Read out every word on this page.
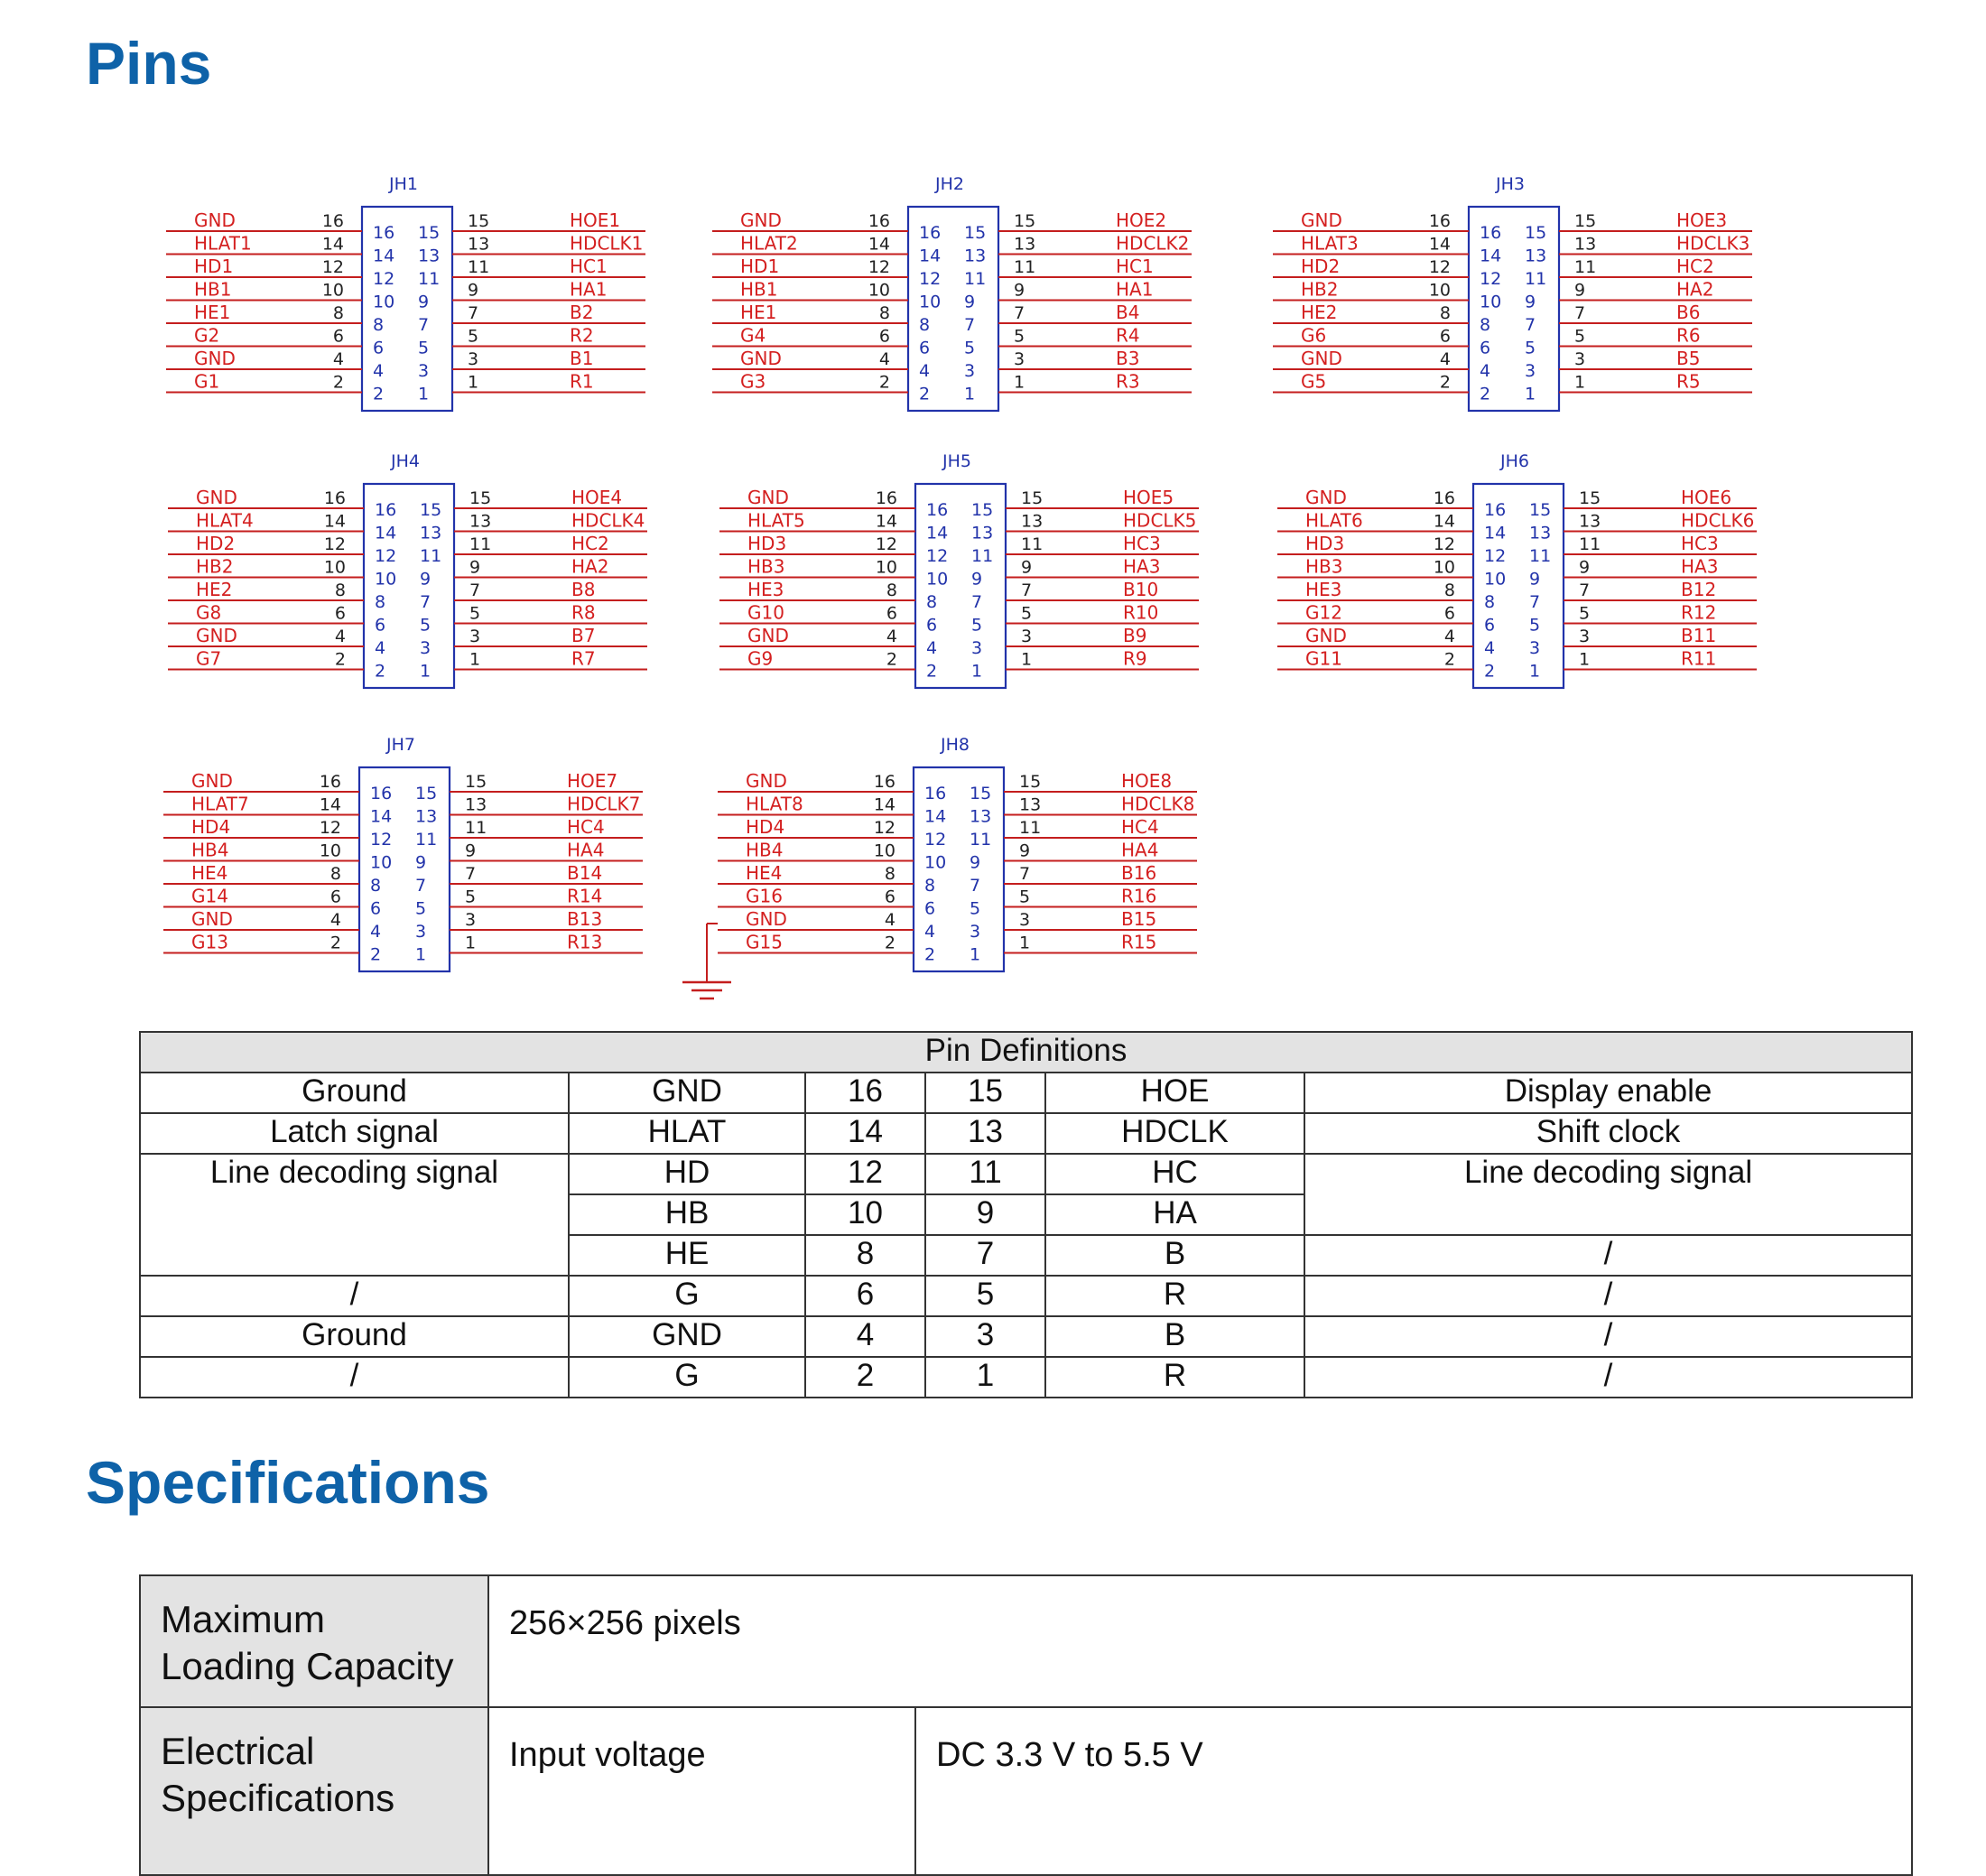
Pins
JH1
16 15
14 13
12 11
10 9
8 7
6 5
4 3
2 1
GND	16	15	HOE1
HLAT1	14	13	HDCLK1
HD1	12	11	HC1
HB1	10	9	HA1
HE1	8	7	B2
G2	6	5	R2
GND	4	3	B1
G1	2	1	R1
JH2
16 15
14 13
12 11
10 9
8 7
6 5
4 3
2 1
GND	16	15	HOE2
HLAT2	14	13	HDCLK2
HD1	12	11	HC1
HB1	10	9	HA1
HE1	8	7	B4
G4	6	5	R4
GND	4	3	B3
G3	2	1	R3
JH3
16 15
14 13
12 11
10 9
8 7
6 5
4 3
2 1
GND	16	15	HOE3
HLAT3	14	13	HDCLK3
HD2	12	11	HC2
HB2	10	9	HA2
HE2	8	7	B6
G6	6	5	R6
GND	4	3	B5
G5	2	1	R5
JH4
16 15
14 13
12 11
10 9
8 7
6 5
4 3
2 1
GND	16	15	HOE4
HLAT4	14	13	HDCLK4
HD2	12	11	HC2
HB2	10	9	HA2
HE2	8	7	B8
G8	6	5	R8
GND	4	3	B7
G7	2	1	R7
JH5
16 15
14 13
12 11
10 9
8 7
6 5
4 3
2 1
GND	16	15	HOE5
HLAT5	14	13	HDCLK5
HD3	12	11	HC3
HB3	10	9	HA3
HE3	8	7	B10
G10	6	5	R10
GND	4	3	B9
G9	2	1	R9
JH6
16 15
14 13
12 11
10 9
8 7
6 5
4 3
2 1
GND	16	15	HOE6
HLAT6	14	13	HDCLK6
HD3	12	11	HC3
HB3	10	9	HA3
HE3	8	7	B12
G12	6	5	R12
GND	4	3	B11
G11	2	1	R11
JH7
16 15
14 13
12 11
10 9
8 7
6 5
4 3
2 1
GND	16	15	HOE7
HLAT7	14	13	HDCLK7
HD4	12	11	HC4
HB4	10	9	HA4
HE4	8	7	B14
G14	6	5	R14
GND	4	3	B13
G13	2	1	R13
JH8
16 15
14 13
12 11
10 9
8 7
6 5
4 3
2 1
GND	16	15	HOE8
HLAT8	14	13	HDCLK8
HD4	12	11	HC4
HB4	10	9	HA4
HE4	8	7	B16
G16	6	5	R16
GND	4	3	B15
G15	2	1	R15
Pin Definitions					
Ground	GND	16	15	HOE	Display enable
Latch signal	HLAT	14	13	HDCLK	Shift clock
Line decoding signal	HD	12	11	HC	Line decoding signal
	HB	10	9	HA	
	HE	8	7	B	/
/	G	6	5	R	/
Ground	GND	4	3	B	/
/	G	2	1	R	/
Specifications
Maximum Loading Capacity	256×256 pixels	
Electrical Specifications	Input voltage	DC 3.3 V to 5.5 V
